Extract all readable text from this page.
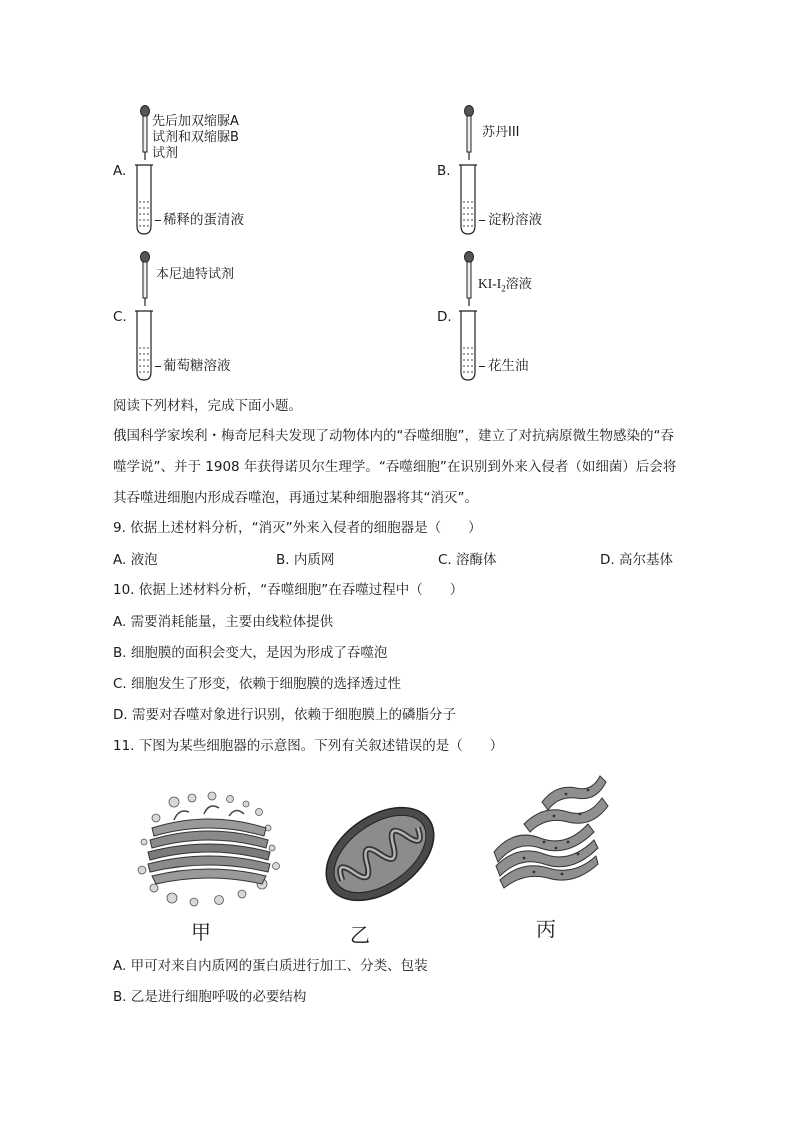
A.
先后加双缩脲A
试剂和双缩脲B
试剂
稀释的蛋清液
B.
苏丹III
淀粉溶液
C.
本尼迪特试剂
葡萄糖溶液
D.

$KI-I_2$溶液

花生油
阅读下列材料，完成下面小题。
俄国科学家埃利・梅奇尼科夫发现了动物体内的“吞噬细胞”，建立了对抗病原微生物感染的“吞
噬学说”、并于 1908 年获得诺贝尔生理学。“吞噬细胞”在识别到外来入侵者（如细菌）后会将
其吞噬进细胞内形成吞噬泡，再通过某种细胞器将其“消灭”。
9. 依据上述材料分析，“消灭”外来入侵者的细胞器是（　　）
A. 液泡	B. 内质网	C. 溶酶体	D. 高尔基体
10. 依据上述材料分析，“吞噬细胞”在吞噬过程中（　　）
A. 需要消耗能量，主要由线粒体提供
B. 细胞膜的面积会变大，是因为形成了吞噬泡
C. 细胞发生了形变，依赖于细胞膜的选择透过性
D. 需要对吞噬对象进行识别，依赖于细胞膜上的磷脂分子
11. 下图为某些细胞器的示意图。下列有关叙述错误的是（　　）
甲	乙	丙
A. 甲可对来自内质网的蛋白质进行加工、分类、包装
B. 乙是进行细胞呼吸的必要结构
